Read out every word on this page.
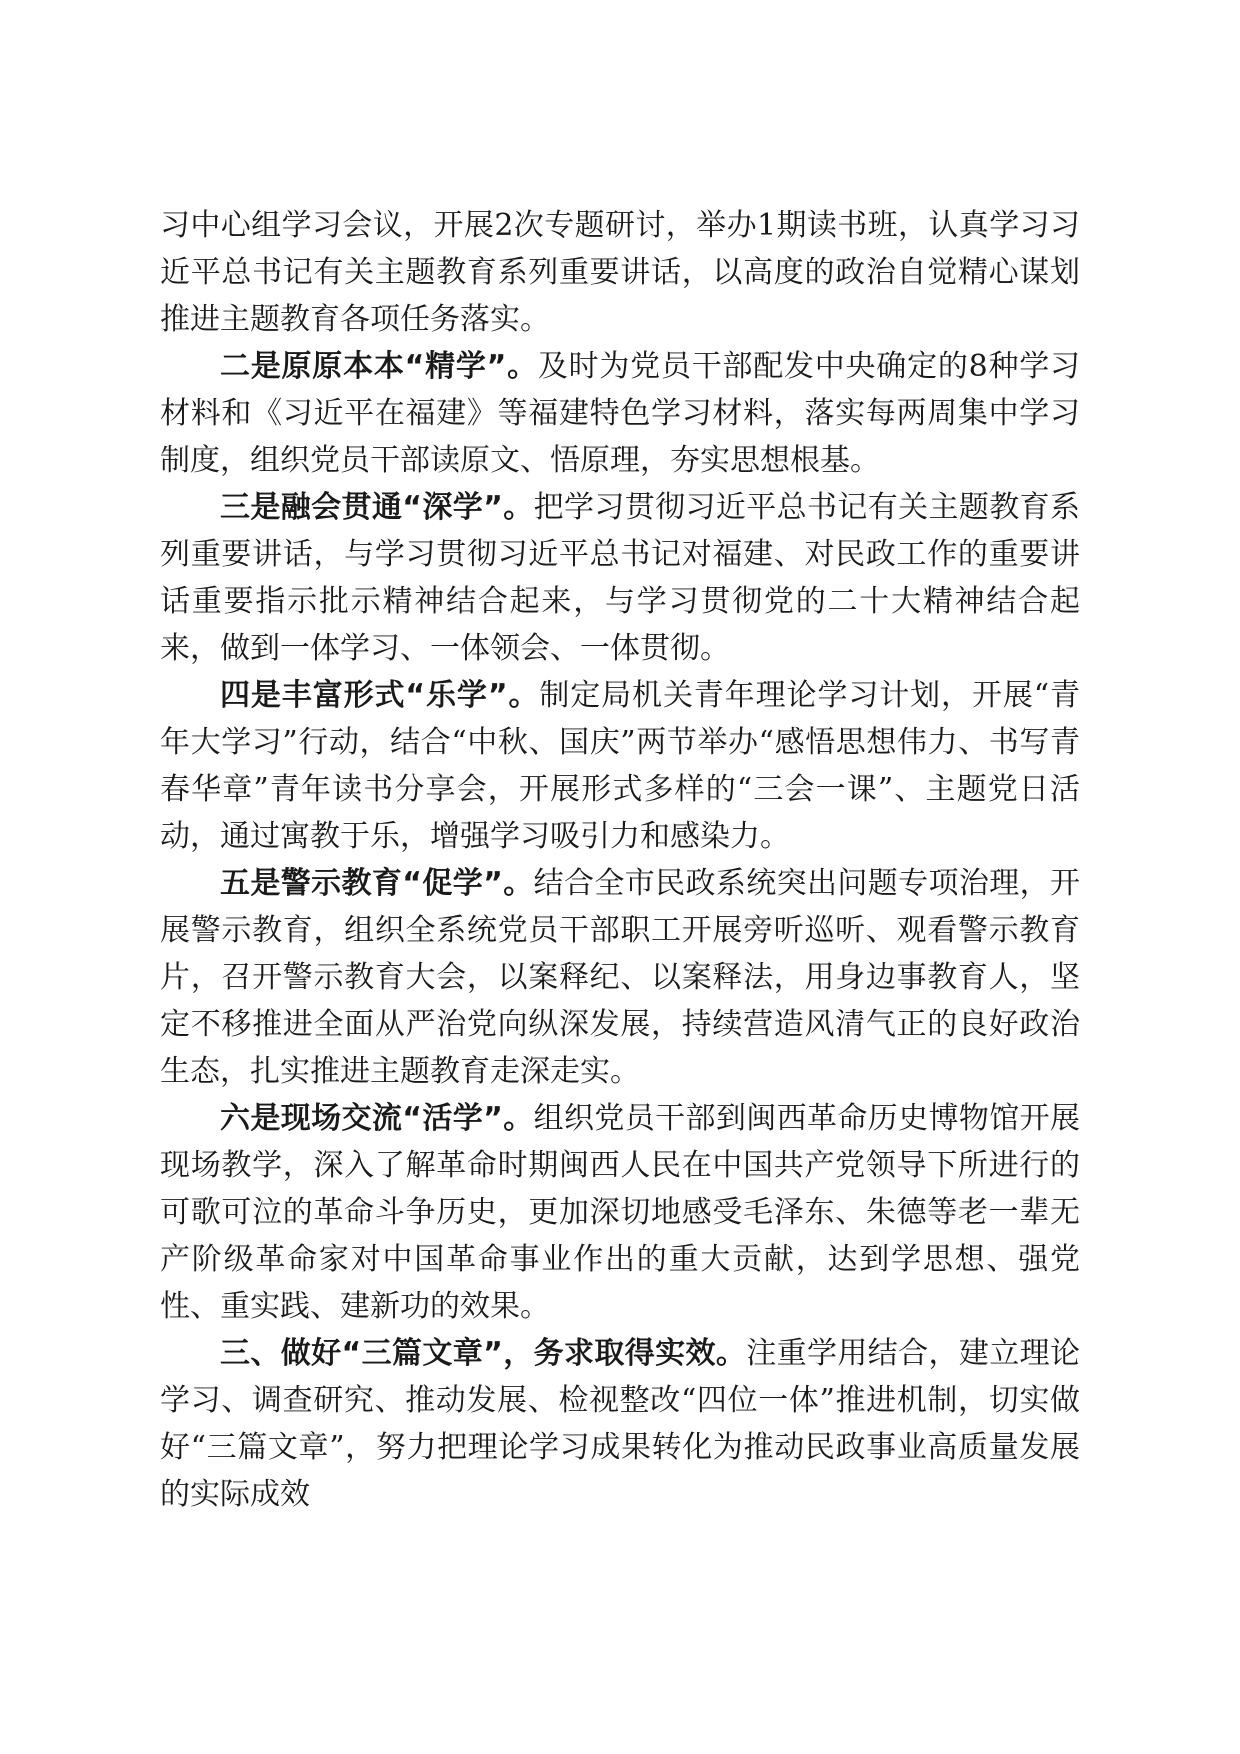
习中心组学习会议，开展2次专题研讨，举办1期读书班，认真学习习近平总书记有关主题教育系列重要讲话，以高度的政治自觉精心谋划推进主题教育各项任务落实。

二是原原本本“精学”。及时为党员干部配发中央确定的8种学习材料和《习近平在福建》等福建特色学习材料，落实每两周集中学习制度，组织党员干部读原文、悟原理，夯实思想根基。

三是融会贯通“深学”。把学习贯彻习近平总书记有关主题教育系列重要讲话，与学习贯彻习近平总书记对福建、对民政工作的重要讲话重要指示批示精神结合起来，与学习贯彻党的二十大精神结合起来，做到一体学习、一体领会、一体贯彻。

四是丰富形式“乐学”。制定局机关青年理论学习计划，开展“青年大学习”行动，结合“中秋、国庆”两节举办“感悟思想伟力、书写青春华章”青年读书分享会，开展形式多样的“三会一课”、主题党日活动，通过寓教于乐，增强学习吸引力和感染力。

五是警示教育“促学”。结合全市民政系统突出问题专项治理，开展警示教育，组织全系统党员干部职工开展旁听巡听、观看警示教育片，召开警示教育大会，以案释纪、以案释法，用身边事教育人，坚定不移推进全面从严治党向纵深发展，持续营造风清气正的良好政治生态，扎实推进主题教育走深走实。

六是现场交流“活学”。组织党员干部到闽西革命历史博物馆开展现场教学，深入了解革命时期闽西人民在中国共产党领导下所进行的可歌可泣的革命斗争历史，更加深切地感受毛泽东、朱德等老一辈无产阶级革命家对中国革命事业作出的重大贡献，达到学思想、强党性、重实践、建新功的效果。

三、做好“三篇文章”，务求取得实效。注重学用结合，建立理论学习、调查研究、推动发展、检视整改“四位一体”推进机制，切实做好“三篇文章”，努力把理论学习成果转化为推动民政事业高质量发展的实际成效
